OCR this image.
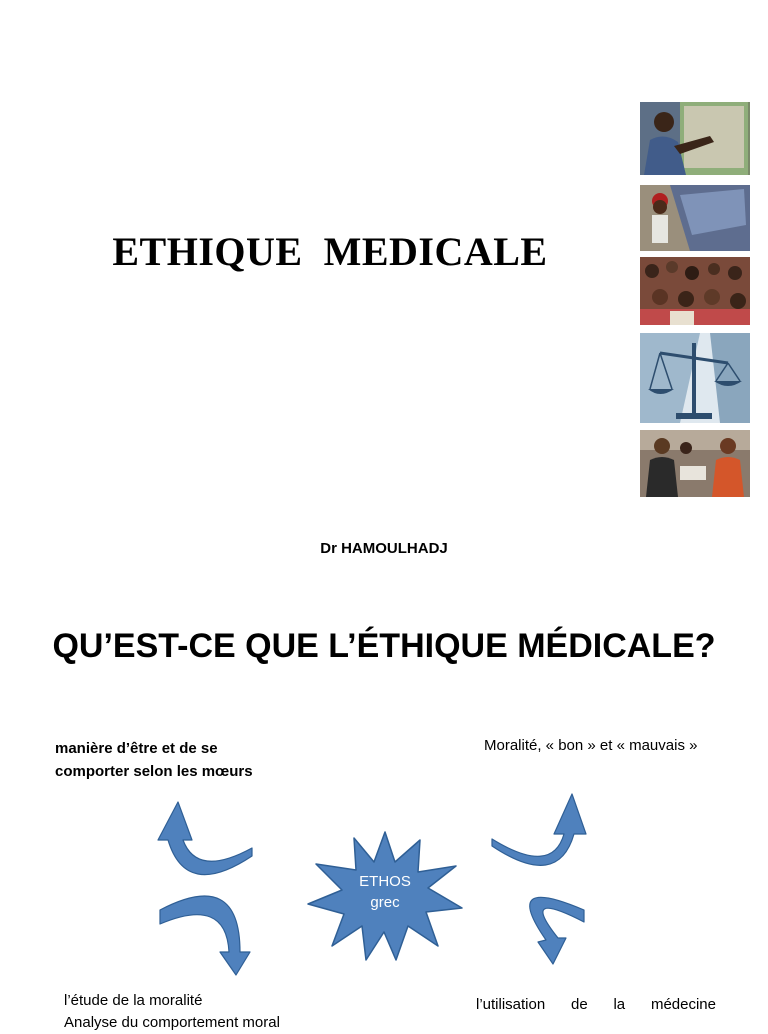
ETHIQUE  MEDICALE
Dr HAMOULHADJ
QU’EST-CE QUE L’ÉTHIQUE MÉDICALE?
manière d’être et de se
comporter selon les mœurs
Moralité, « bon » et « mauvais »
ETHOS
grec
l’étude de la moralité
Analyse du comportement moral
l’utilisation de la médecine
